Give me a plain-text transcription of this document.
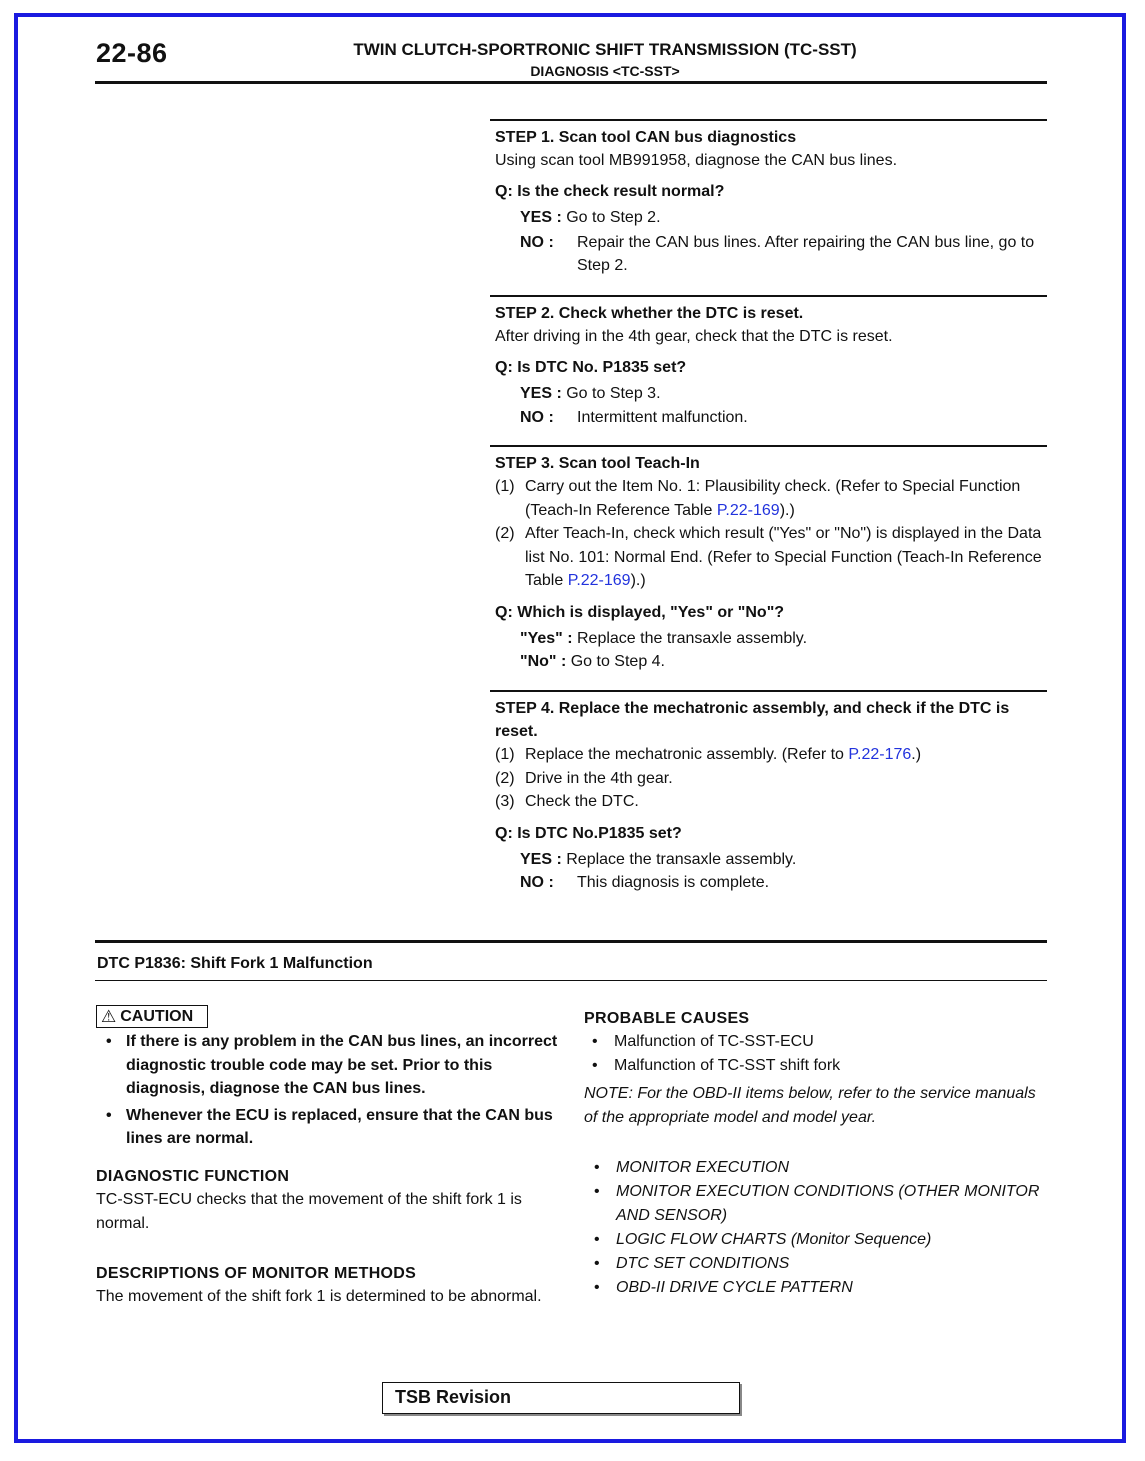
22-86	TWIN CLUTCH-SPORTRONIC SHIFT TRANSMISSION (TC-SST)
DIAGNOSIS <TC-SST>
STEP 1. Scan tool CAN bus diagnostics
Using scan tool MB991958, diagnose the CAN bus lines.
Q: Is the check result normal?
YES : Go to Step 2.
NO :	Repair the CAN bus lines. After repairing the CAN bus line, go to Step 2.
STEP 2. Check whether the DTC is reset.
After driving in the 4th gear, check that the DTC is reset.
Q: Is DTC No. P1835 set?
YES : Go to Step 3.
NO :	Intermittent malfunction.
STEP 3. Scan tool Teach-In
(1) Carry out the Item No. 1: Plausibility check. (Refer to Special Function (Teach-In Reference Table P.22-169).)
(2) After Teach-In, check which result ("Yes" or "No") is displayed in the Data list No. 101: Normal End. (Refer to Special Function (Teach-In Reference Table P.22-169).)
Q: Which is displayed, "Yes" or "No"?
"Yes" : Replace the transaxle assembly.
"No" : Go to Step 4.
STEP 4. Replace the mechatronic assembly, and check if the DTC is reset.
(1) Replace the mechatronic assembly. (Refer to P.22-176.)
(2) Drive in the 4th gear.
(3) Check the DTC.
Q: Is DTC No.P1835 set?
YES : Replace the transaxle assembly.
NO :	This diagnosis is complete.
DTC P1836: Shift Fork 1 Malfunction
⚠ CAUTION
• If there is any problem in the CAN bus lines, an incorrect diagnostic trouble code may be set. Prior to this diagnosis, diagnose the CAN bus lines.
• Whenever the ECU is replaced, ensure that the CAN bus lines are normal.
DIAGNOSTIC FUNCTION
TC-SST-ECU checks that the movement of the shift fork 1 is normal.
DESCRIPTIONS OF MONITOR METHODS
The movement of the shift fork 1 is determined to be abnormal.
PROBABLE CAUSES
•	Malfunction of TC-SST-ECU
•	Malfunction of TC-SST shift fork
NOTE: For the OBD-II items below, refer to the service manuals of the appropriate model and model year.
•	MONITOR EXECUTION
•	MONITOR EXECUTION CONDITIONS (OTHER MONITOR AND SENSOR)
•	LOGIC FLOW CHARTS (Monitor Sequence)
•	DTC SET CONDITIONS
•	OBD-II DRIVE CYCLE PATTERN
TSB Revision
